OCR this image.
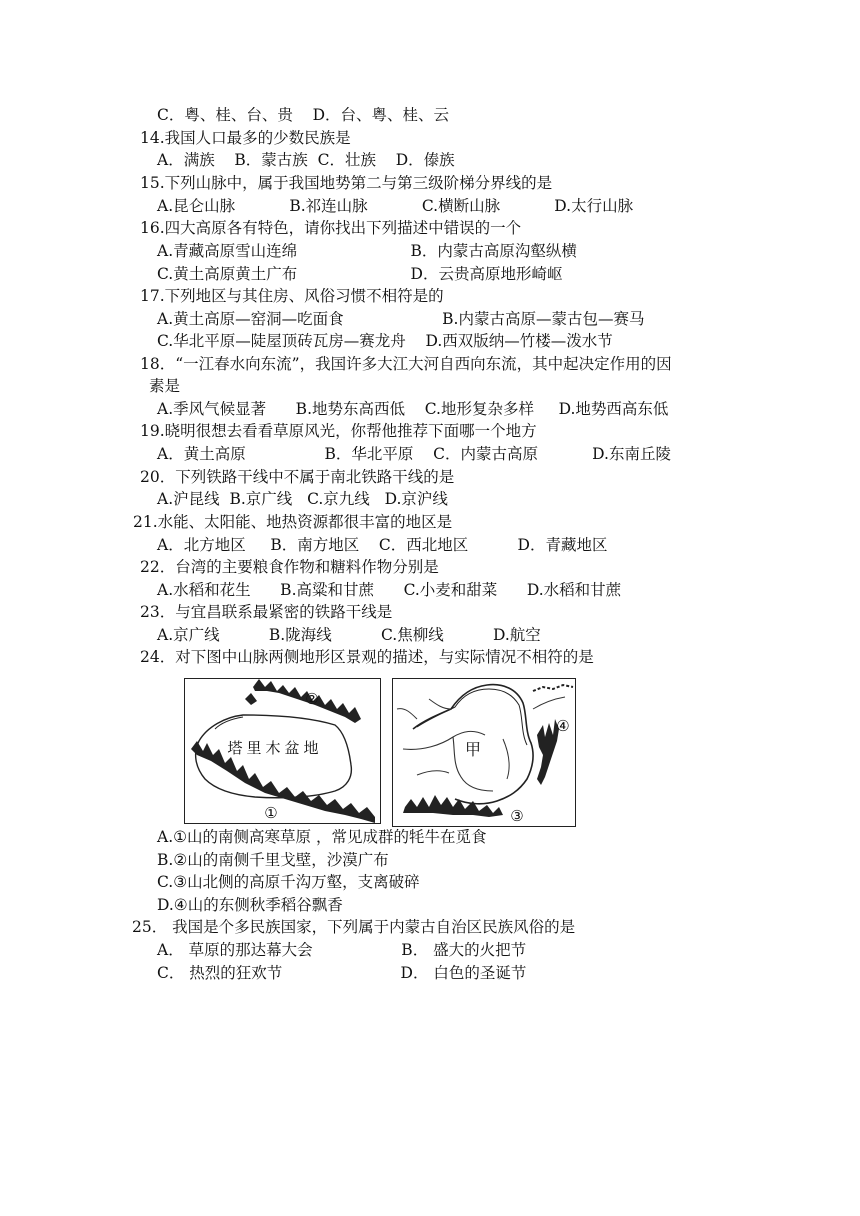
C．粤、桂、台、贵    D．台、粤、桂、云
14.我国人口最多的少数民族是
A．满族    B．蒙古族  C．壮族    D．傣族
15.下列山脉中，属于我国地势第二与第三级阶梯分界线的是
A.昆仑山脉           B.祁连山脉           C.横断山脉           D.太行山脉
16.四大高原各有特色，请你找出下列描述中错误的一个
A.青藏高原雪山连绵                       B．内蒙古高原沟壑纵横
C.黄土高原黄土广布                       D．云贵高原地形崎岖
17.下列地区与其住房、风俗习惯不相符是的
A.黄土高原—窑洞—吃面食                    B.内蒙古高原—蒙古包—赛马
C.华北平原—陡屋顶砖瓦房—赛龙舟    D.西双版纳—竹楼—泼水节
18．“一江春水向东流”，我国许多大江大河自西向东流，其中起决定作用的因
素是
A.季风气候显著      B.地势东高西低    C.地形复杂多样     D.地势西高东低
19.晓明很想去看看草原风光，你帮他推荐下面哪一个地方
A．黄土高原                B．华北平原    C．内蒙古高原           D.东南丘陵
20．下列铁路干线中不属于南北铁路干线的是
A.沪昆线  B.京广线   C.京九线   D.京沪线
21.水能、太阳能、地热资源都很丰富的地区是
A．北方地区     B．南方地区    C．西北地区          D．青藏地区
22．台湾的主要粮食作物和糖料作物分别是
A.水稻和花生      B.高粱和甘蔗      C.小麦和甜菜      D.水稻和甘蔗
23．与宜昌联系最紧密的铁路干线是
A.京广线          B.陇海线          C.焦柳线          D.航空
24．对下图中山脉两侧地形区景观的描述，与实际情况不相符的是
塔里木盆地
②
①
甲
④
③
A.①山的南侧高寒草原 ，常见成群的牦牛在觅食
B.②山的南侧千里戈壁，沙漠广布
C.③山北侧的高原千沟万壑，支离破碎
D.④山的东侧秋季稻谷飘香
25． 我国是个多民族国家，下列属于内蒙古自治区民族风俗的是
A． 草原的那达幕大会                  B． 盛大的火把节
C． 热烈的狂欢节                        D． 白色的圣诞节
